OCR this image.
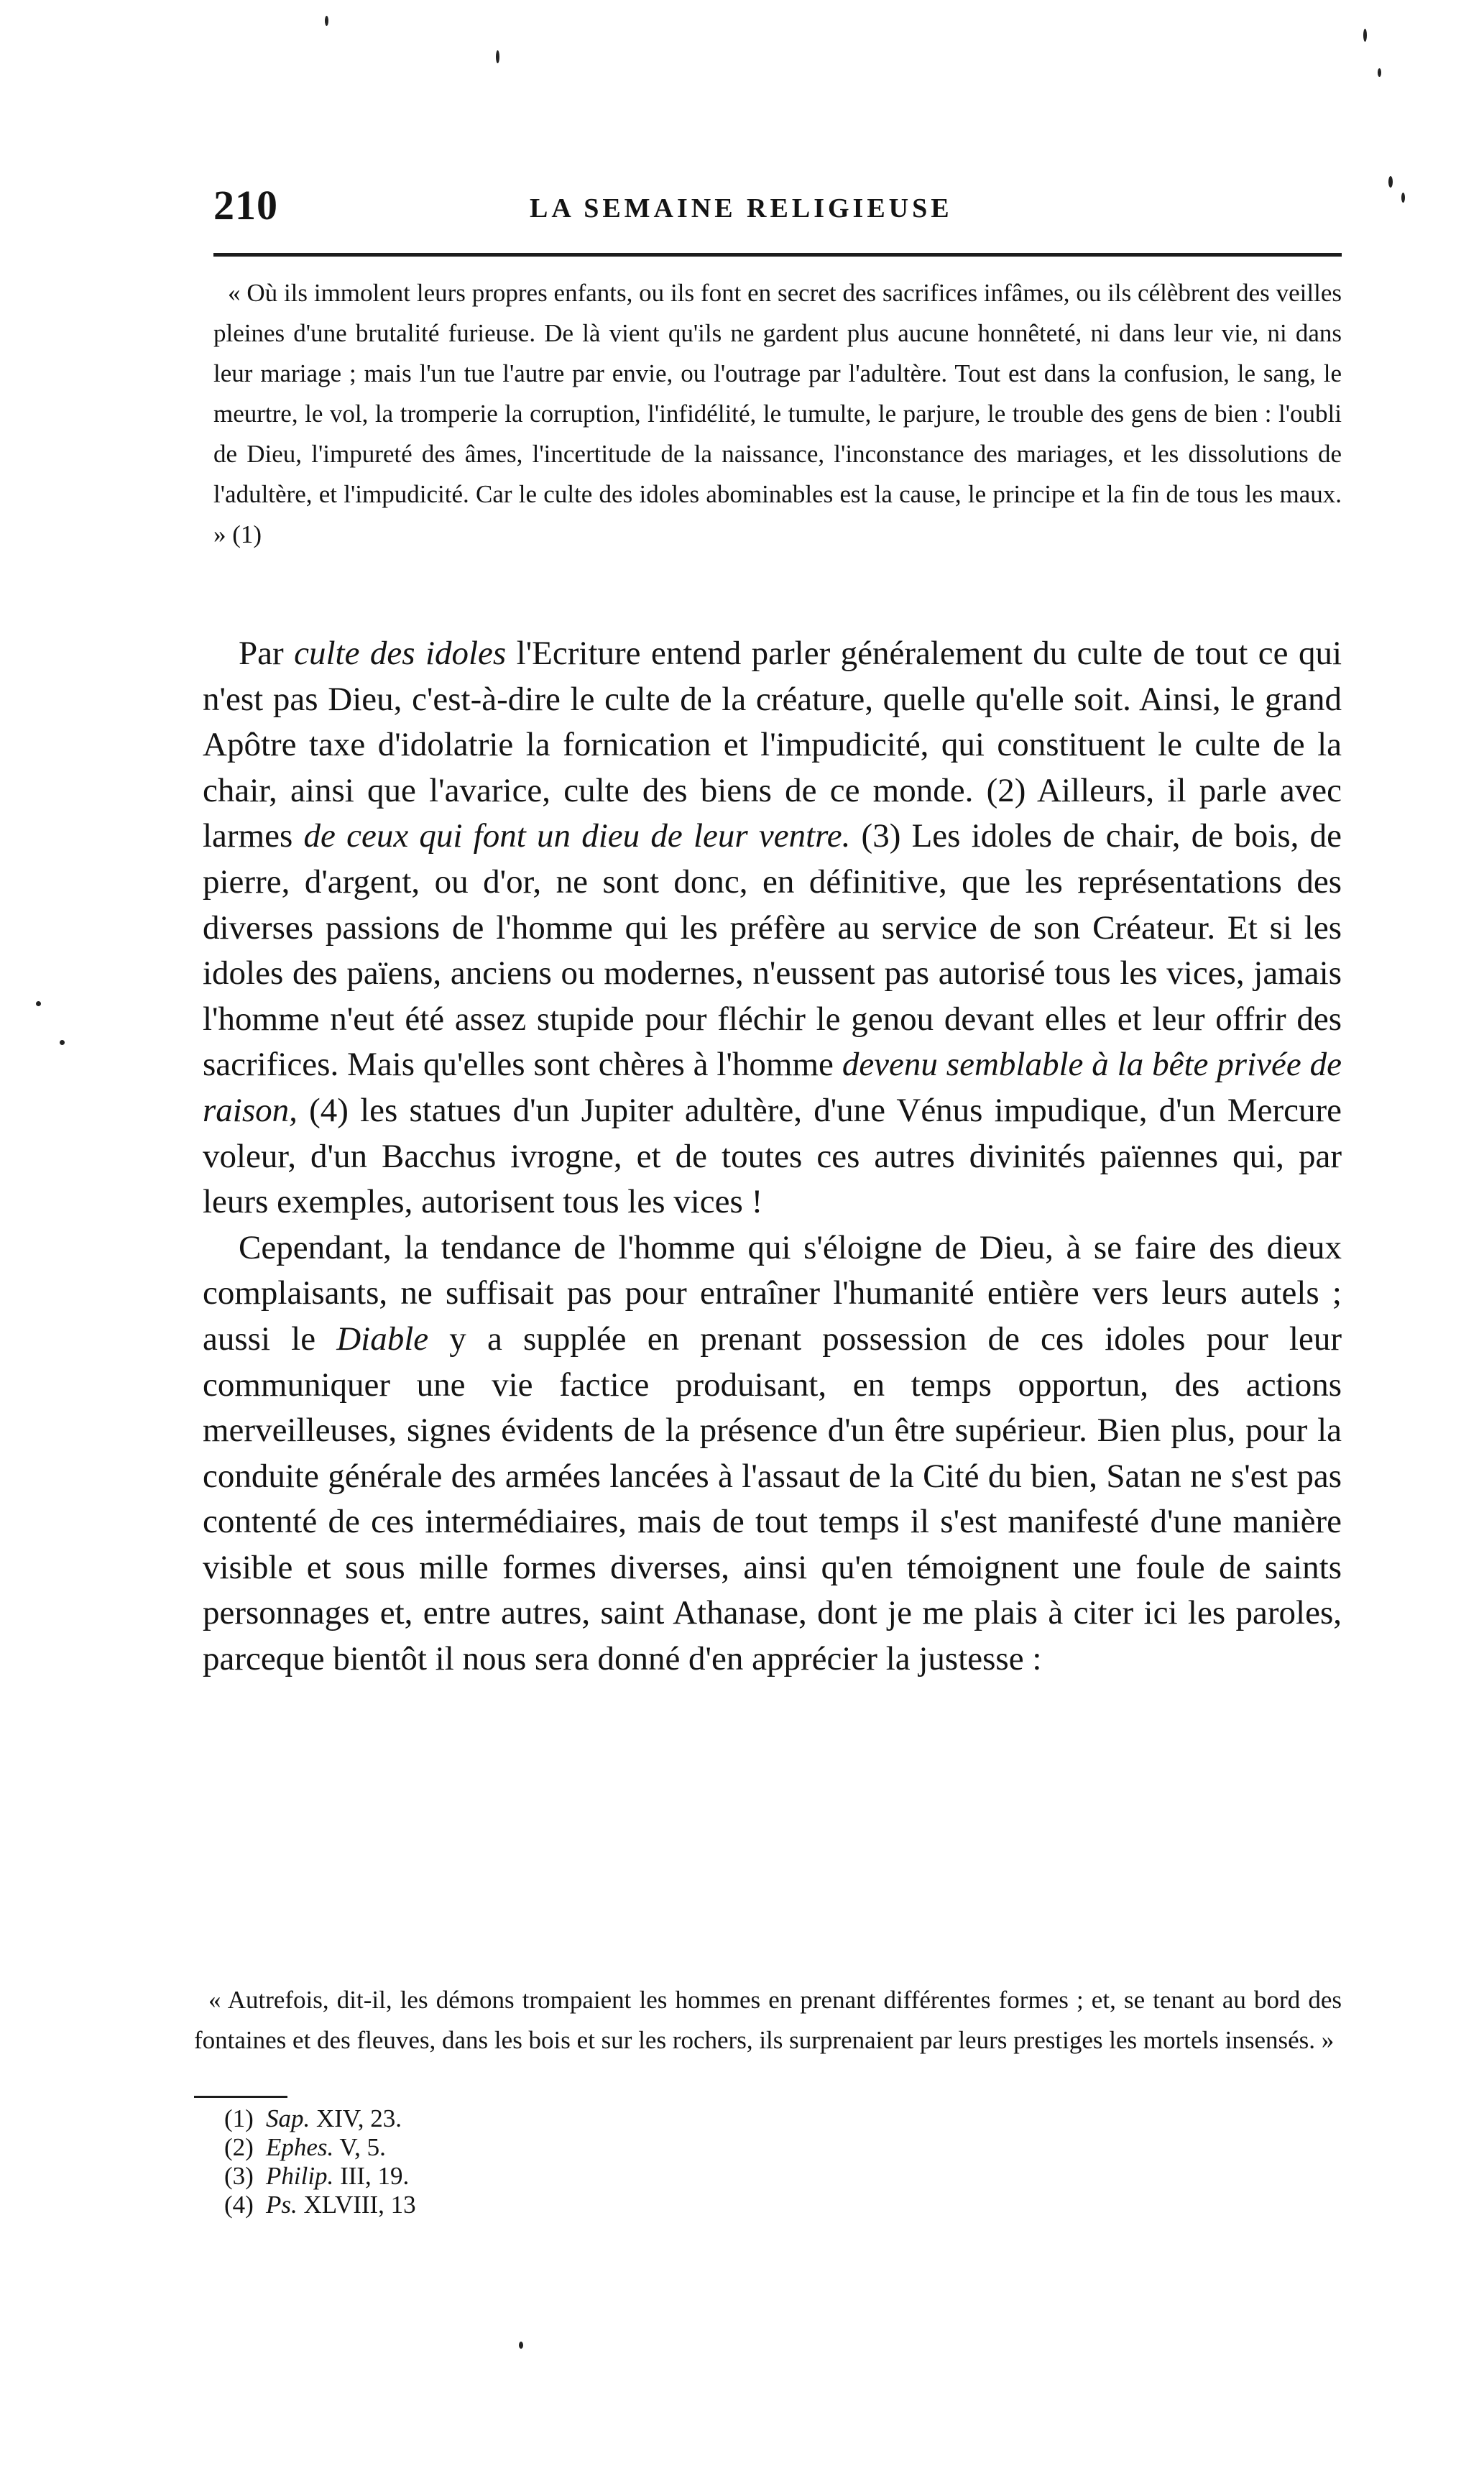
210	LA SEMAINE RELIGIEUSE

« Où ils immolent leurs propres enfants, ou ils font en secret des sacrifices infâmes, ou ils célèbrent des veilles pleines d'une brutalité furieuse. De là vient qu'ils ne gardent plus aucune honnêteté, ni dans leur vie, ni dans leur mariage ; mais l'un tue l'autre par envie, ou l'outrage par l'adultère. Tout est dans la confusion, le sang, le meurtre, le vol, la tromperie la corruption, l'infidélité, le tumulte, le parjure, le trouble des gens de bien : l'oubli de Dieu, l'impureté des âmes, l'incertitude de la naissance, l'inconstance des mariages, et les dissolutions de l'adultère, et l'impudicité. Car le culte des idoles abominables est la cause, le principe et la fin de tous les maux. » (1)

Par culte des idoles l'Ecriture entend parler généralement du culte de tout ce qui n'est pas Dieu, c'est-à-dire le culte de la créature, quelle qu'elle soit. Ainsi, le grand Apôtre taxe d'idolatrie la fornication et l'impudicité, qui constituent le culte de la chair, ainsi que l'avarice, culte des biens de ce monde. (2) Ailleurs, il parle avec larmes de ceux qui font un dieu de leur ventre. (3) Les idoles de chair, de bois, de pierre, d'argent, ou d'or, ne sont donc, en définitive, que les représentations des diverses passions de l'homme qui les préfère au service de son Créateur. Et si les idoles des païens, anciens ou modernes, n'eussent pas autorisé tous les vices, jamais l'homme n'eut été assez stupide pour fléchir le genou devant elles et leur offrir des sacrifices. Mais qu'elles sont chères à l'homme devenu semblable à la bête privée de raison, (4) les statues d'un Jupiter adultère, d'une Vénus impudique, d'un Mercure voleur, d'un Bacchus ivrogne, et de toutes ces autres divinités païennes qui, par leurs exemples, autorisent tous les vices !

Cependant, la tendance de l'homme qui s'éloigne de Dieu, à se faire des dieux complaisants, ne suffisait pas pour entraîner l'humanité entière vers leurs autels ; aussi le Diable y a supplée en prenant possession de ces idoles pour leur communiquer une vie factice produisant, en temps opportun, des actions merveilleuses, signes évidents de la présence d'un être supérieur. Bien plus, pour la conduite générale des armées lancées à l'assaut de la Cité du bien, Satan ne s'est pas contenté de ces intermédiaires, mais de tout temps il s'est manifesté d'une manière visible et sous mille formes diverses, ainsi qu'en témoignent une foule de saints personnages et, entre autres, saint Athanase, dont je me plais à citer ici les paroles, parceque bientôt il nous sera donné d'en apprécier la justesse :

« Autrefois, dit-il, les démons trompaient les hommes en prenant différentes formes ; et, se tenant au bord des fontaines et des fleuves, dans les bois et sur les rochers, ils surprenaient par leurs prestiges les mortels insensés. »

(1) Sap. XIV, 23.
(2) Ephes. V, 5.
(3) Philip. III, 19.
(4) Ps. XLVIII, 13
